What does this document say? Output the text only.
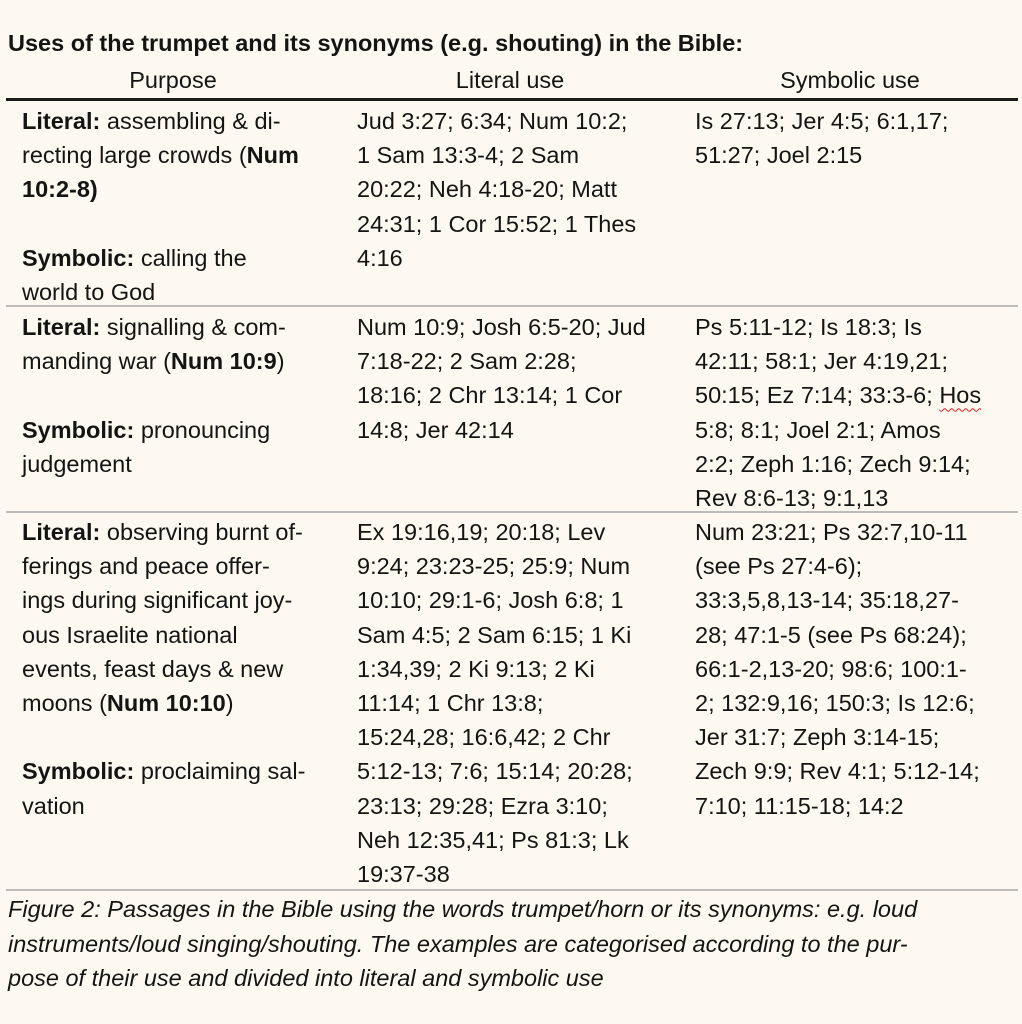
Uses of the trumpet and its synonyms (e.g. shouting) in the Bible:
Purpose	Literal use	Symbolic use
Literal: assembling & di-
recting large crowds (Num
10:2-8)
Symbolic: calling the
world to God
Jud 3:27; 6:34; Num 10:2;
1 Sam 13:3-4; 2 Sam
20:22; Neh 4:18-20; Matt
24:31; 1 Cor 15:52; 1 Thes
4:16
Is 27:13; Jer 4:5; 6:1,17;
51:27; Joel 2:15
Literal: signalling & com-
manding war (Num 10:9)
Symbolic: pronouncing
judgement
Num 10:9; Josh 6:5-20; Jud
7:18-22; 2 Sam 2:28;
18:16; 2 Chr 13:14; 1 Cor
14:8; Jer 42:14
Ps 5:11-12; Is 18:3; Is
42:11; 58:1; Jer 4:19,21;
50:15; Ez 7:14; 33:3-6; Hos
5:8; 8:1; Joel 2:1; Amos
2:2; Zeph 1:16; Zech 9:14;
Rev 8:6-13; 9:1,13
Literal: observing burnt of-
ferings and peace offer-
ings during significant joy-
ous Israelite national
events, feast days & new
moons (Num 10:10)
Symbolic: proclaiming sal-
vation
Ex 19:16,19; 20:18; Lev
9:24; 23:23-25; 25:9; Num
10:10; 29:1-6; Josh 6:8; 1
Sam 4:5; 2 Sam 6:15; 1 Ki
1:34,39; 2 Ki 9:13; 2 Ki
11:14; 1 Chr 13:8;
15:24,28; 16:6,42; 2 Chr
5:12-13; 7:6; 15:14; 20:28;
23:13; 29:28; Ezra 3:10;
Neh 12:35,41; Ps 81:3; Lk
19:37-38
Num 23:21; Ps 32:7,10-11
(see Ps 27:4-6);
33:3,5,8,13-14; 35:18,27-
28; 47:1-5 (see Ps 68:24);
66:1-2,13-20; 98:6; 100:1-
2; 132:9,16; 150:3; Is 12:6;
Jer 31:7; Zeph 3:14-15;
Zech 9:9; Rev 4:1; 5:12-14;
7:10; 11:15-18; 14:2
Figure 2: Passages in the Bible using the words trumpet/horn or its synonyms: e.g. loud
instruments/loud singing/shouting. The examples are categorised according to the pur-
pose of their use and divided into literal and symbolic use
